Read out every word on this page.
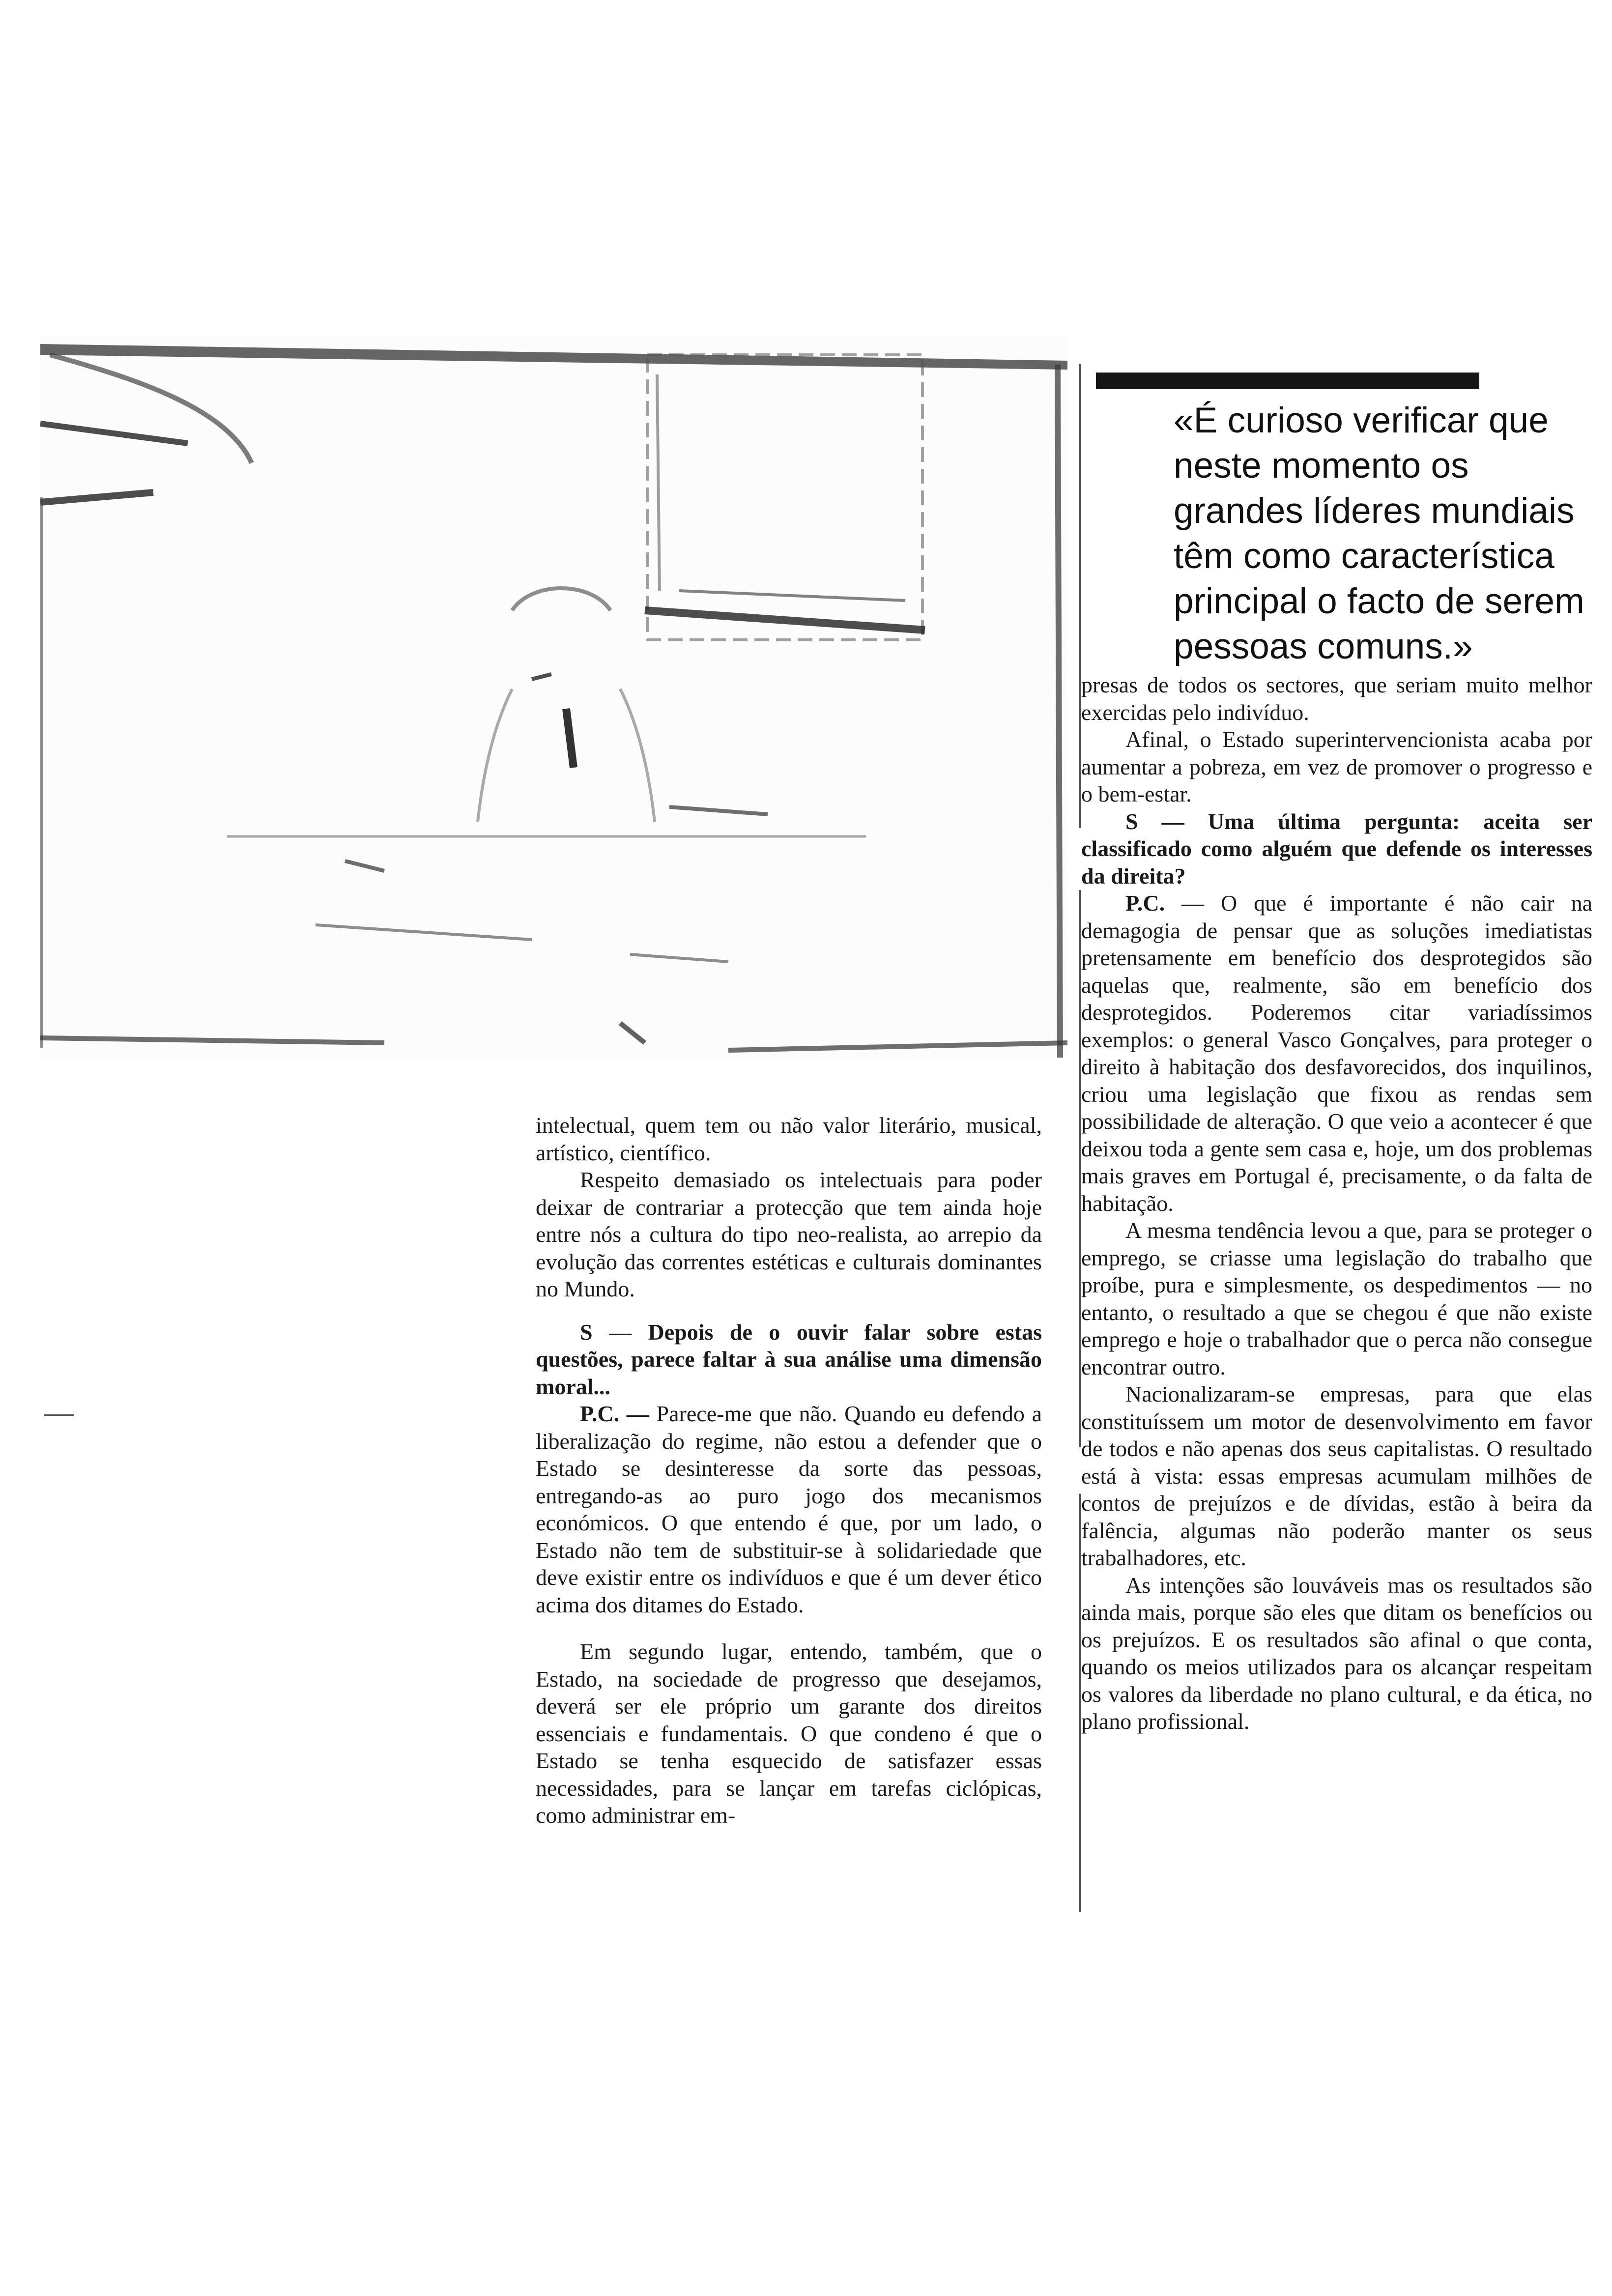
«É curioso verificar que neste momento os grandes líderes mundiais têm como característica principal o facto de serem pessoas comuns.»

intelectual, quem tem ou não valor literário, musical, artístico, científico.

Respeito demasiado os intelectuais para poder deixar de contrariar a protecção que tem ainda hoje entre nós a cultura do tipo neo-realista, ao arrepio da evolução das correntes estéticas e culturais dominantes no Mundo.

S — Depois de o ouvir falar sobre estas questões, parece faltar à sua análise uma dimensão moral...

P.C. — Parece-me que não. Quando eu defendo a liberalização do regime, não estou a defender que o Estado se desinteresse da sorte das pessoas, entregando-as ao puro jogo dos mecanismos económicos. O que entendo é que, por um lado, o Estado não tem de substituir-se à solidariedade que deve existir entre os indivíduos e que é um dever ético acima dos ditames do Estado.

Em segundo lugar, entendo, também, que o Estado, na sociedade de progresso que desejamos, deverá ser ele próprio um garante dos direitos essenciais e fundamentais. O que condeno é que o Estado se tenha esquecido de satisfazer essas necessidades, para se lançar em tarefas ciclópicas, como administrar em-

presas de todos os sectores, que seriam muito melhor exercidas pelo indivíduo.

Afinal, o Estado superintervencionista acaba por aumentar a pobreza, em vez de promover o progresso e o bem-estar.

S — Uma última pergunta: aceita ser classificado como alguém que defende os interesses da direita?

P.C. — O que é importante é não cair na demagogia de pensar que as soluções imediatistas pretensamente em benefício dos desprotegidos são aquelas que, realmente, são em benefício dos desprotegidos. Poderemos citar variadíssimos exemplos: o general Vasco Gonçalves, para proteger o direito à habitação dos desfavorecidos, dos inquilinos, criou uma legislação que fixou as rendas sem possibilidade de alteração. O que veio a acontecer é que deixou toda a gente sem casa e, hoje, um dos problemas mais graves em Portugal é, precisamente, o da falta de habitação.

A mesma tendência levou a que, para se proteger o emprego, se criasse uma legislação do trabalho que proíbe, pura e simplesmente, os despedimentos — no entanto, o resultado a que se chegou é que não existe emprego e hoje o trabalhador que o perca não consegue encontrar outro.

Nacionalizaram-se empresas, para que elas constituíssem um motor de desenvolvimento em favor de todos e não apenas dos seus capitalistas. O resultado está à vista: essas empresas acumulam milhões de contos de prejuízos e de dívidas, estão à beira da falência, algumas não poderão manter os seus trabalhadores, etc.

As intenções são louváveis mas os resultados são ainda mais, porque são eles que ditam os benefícios ou os prejuízos. E os resultados são afinal o que conta, quando os meios utilizados para os alcançar respeitam os valores da liberdade no plano cultural, e da ética, no plano profissional.
